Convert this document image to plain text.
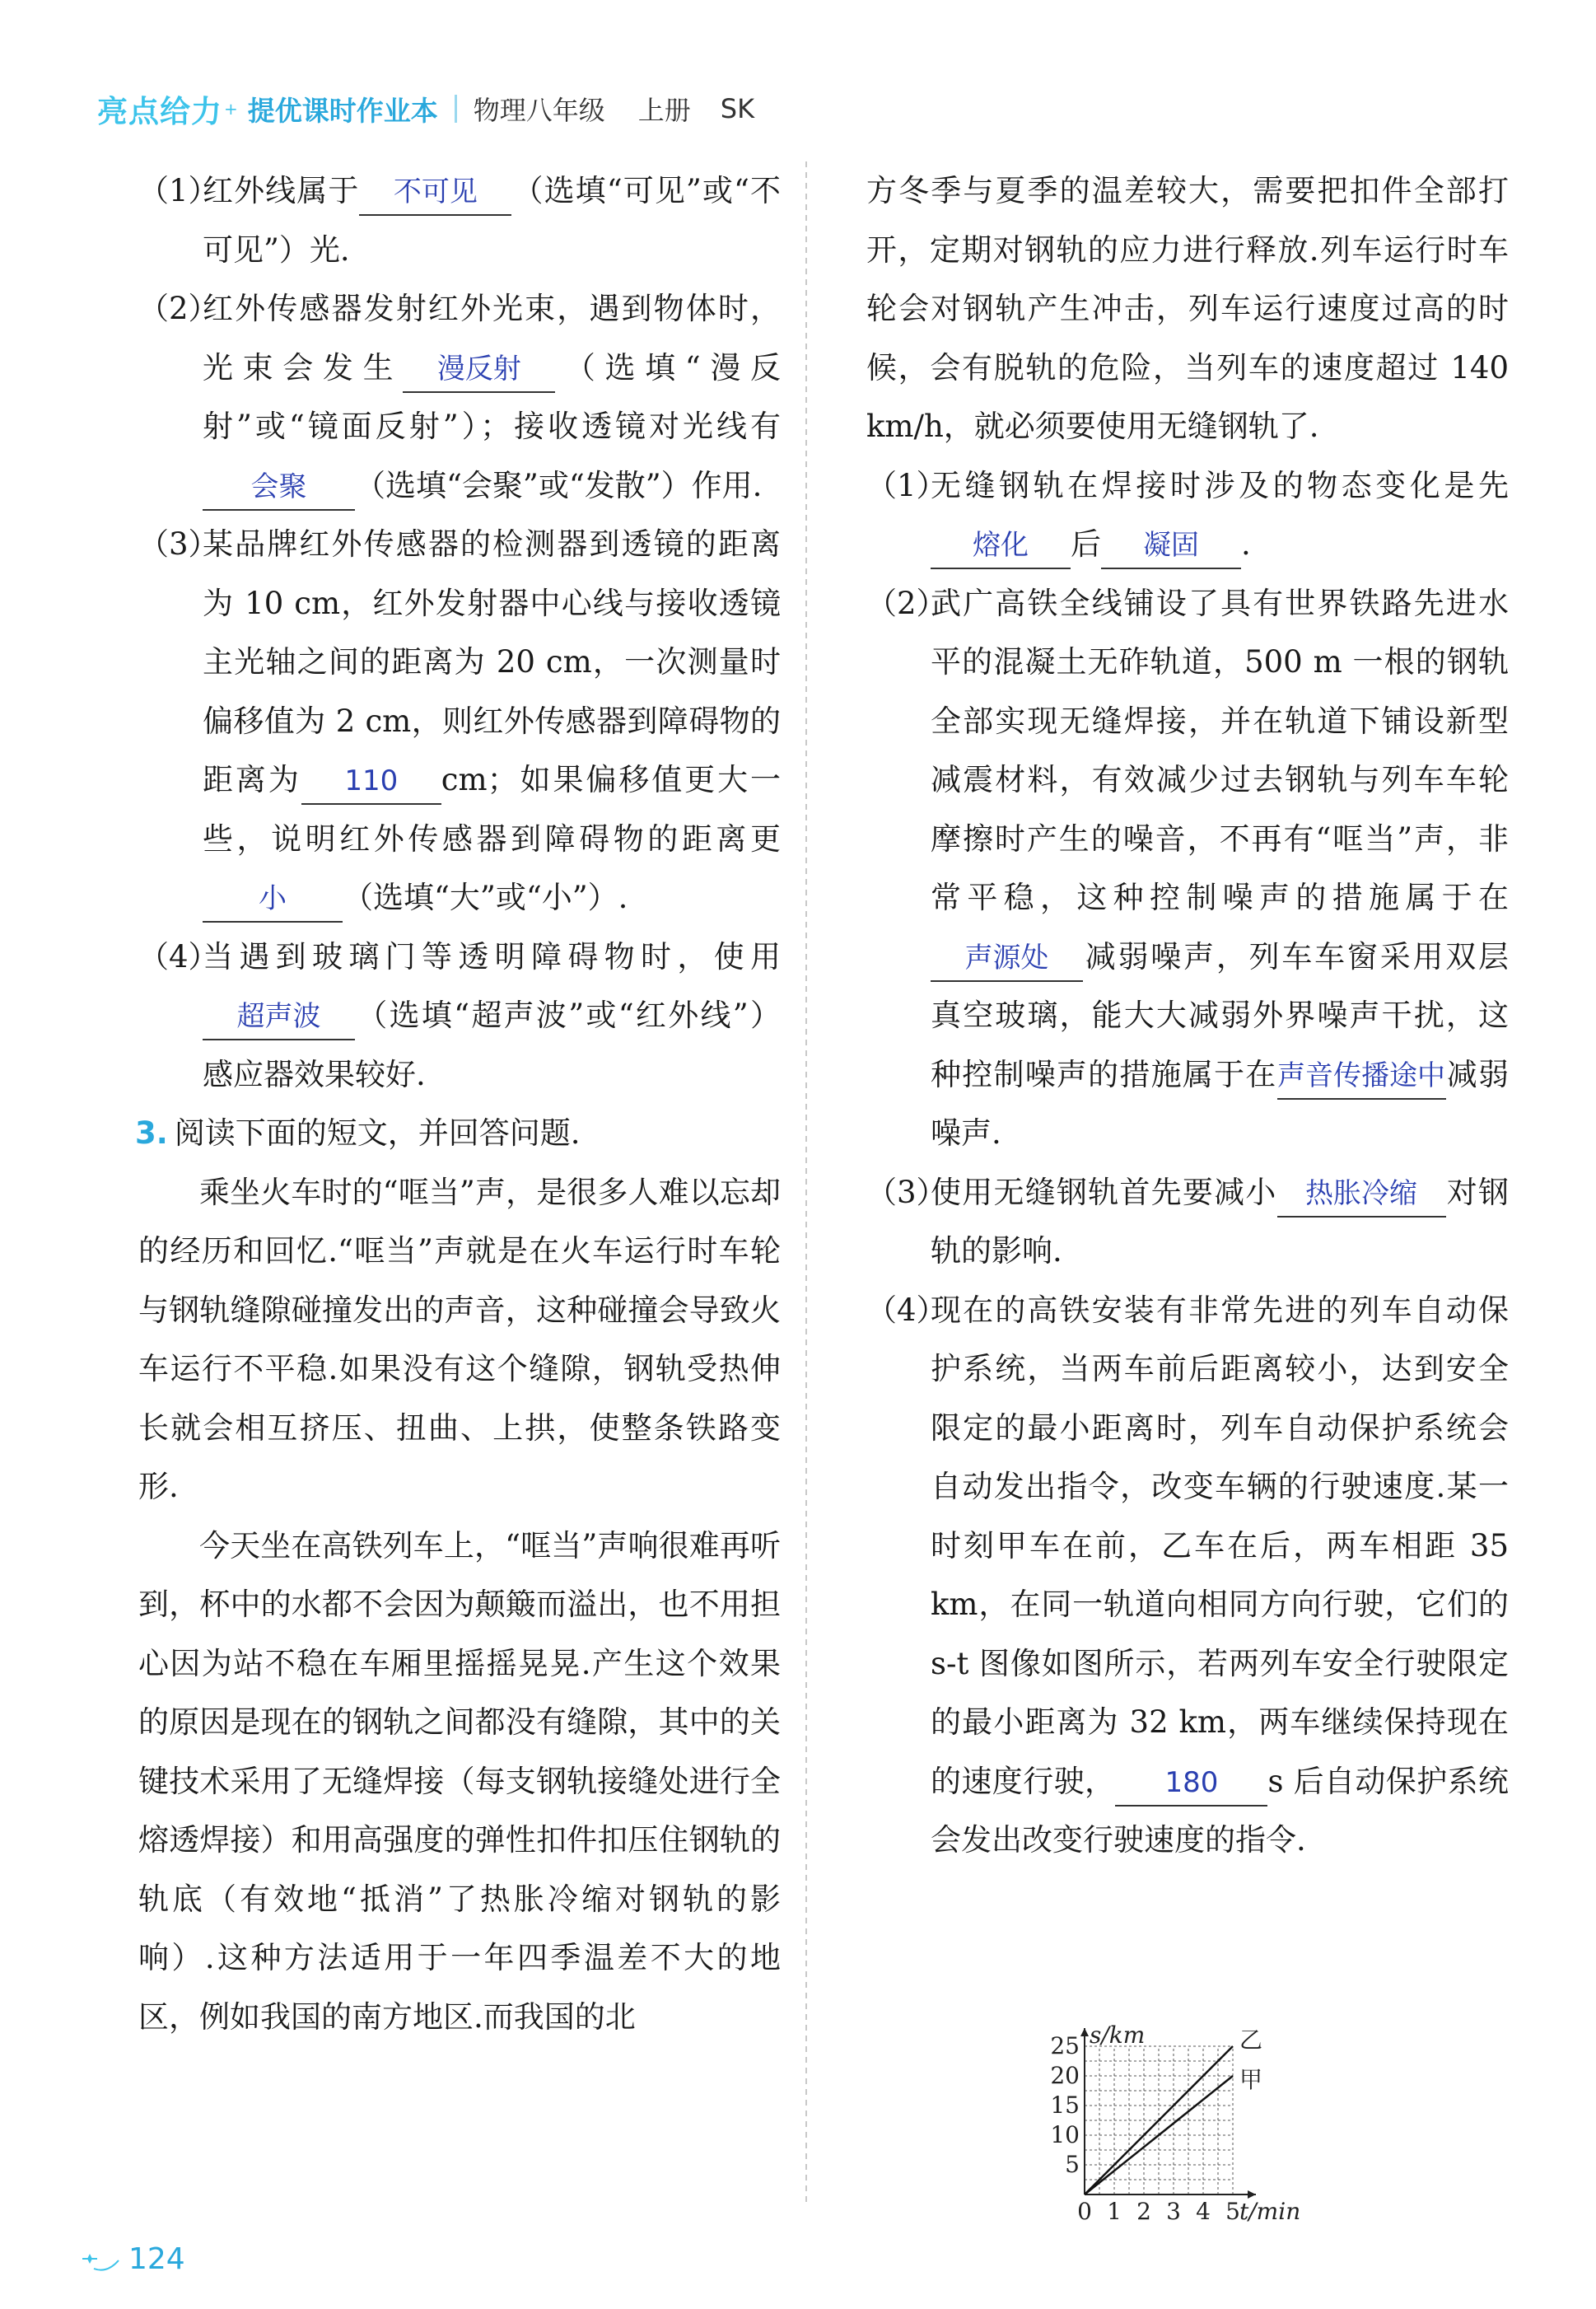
亮点给力 + 提优课时作业本 物理八年级 上册 SK
（1）
红外线属于 不可见 （选填“可见”或“不可见”）光.
（2）
红外传感器发射红外光束，遇到物体时，光束会发生 漫反射 （选填“漫反射”或“镜面反射”）；接收透镜对光线有会聚 （选填“会聚”或“发散”）作用.
（3）
某品牌红外传感器的检测器到透镜的距离为 10 cm，红外发射器中心线与接收透镜主光轴之间的距离为 20 cm，一次测量时偏移值为 2 cm，则红外传感器到障碍物的距离为 110 cm；如果偏移值更大一些，说明红外传感器到障碍物的距离更小 （选填“大”或“小”）.
（4）
当遇到玻璃门等透明障碍物时，使用超声波 （选填“超声波”或“红外线”）感应器效果较好.
3. 阅读下面的短文，并回答问题.
乘坐火车时的“哐当”声，是很多人难以忘却的经历和回忆.“哐当”声就是在火车运行时车轮与钢轨缝隙碰撞发出的声音，这种碰撞会导致火车运行不平稳.如果没有这个缝隙，钢轨受热伸长就会相互挤压、扭曲、上拱，使整条铁路变形.
今天坐在高铁列车上，“哐当”声响很难再听到，杯中的水都不会因为颠簸而溢出，也不用担心因为站不稳在车厢里摇摇晃晃.产生这个效果的原因是现在的钢轨之间都没有缝隙，其中的关键技术采用了无缝焊接（每支钢轨接缝处进行全熔透焊接）和用高强度的弹性扣件扣压住钢轨的轨底（有效地“抵消”了热胀冷缩对钢轨的影响）.这种方法适用于一年四季温差不大的地区，例如我国的南方地区.而我国的北
方冬季与夏季的温差较大，需要把扣件全部打开，定期对钢轨的应力进行释放.列车运行时车轮会对钢轨产生冲击，列车运行速度过高的时候，会有脱轨的危险，当列车的速度超过 140 km/h，就必须要使用无缝钢轨了.
（1）
无缝钢轨在焊接时涉及的物态变化是先熔化 后 凝固 .
（2）
武广高铁全线铺设了具有世界铁路先进水平的混凝土无砟轨道，500 m 一根的钢轨全部实现无缝焊接，并在轨道下铺设新型减震材料，有效减少过去钢轨与列车车轮摩擦时产生的噪音，不再有“哐当”声，非常平稳，这种控制噪声的措施属于在声源处 减弱噪声，列车车窗采用双层真空玻璃，能大大减弱外界噪声干扰，这种控制噪声的措施属于在声音传播途中减弱噪声.
（3）
使用无缝钢轨首先要减小 热胀冷缩 对钢轨的影响.
（4）
现在的高铁安装有非常先进的列车自动保护系统，当两车前后距离较小，达到安全限定的最小距离时，列车自动保护系统会自动发出指令，改变车辆的行驶速度.某一时刻甲车在前，乙车在后，两车相距 35 km，在同一轨道向相同方向行驶，它们的 s-t 图像如图所示，若两列车安全行驶限定的最小距离为 32 km，两车继续保持现在的速度行驶， 180 s 后自动保护系统会发出改变行驶速度的指令.
0 1 2 3 4 5
5
10
15
20
25 s/km
t/min
乙
甲
124
